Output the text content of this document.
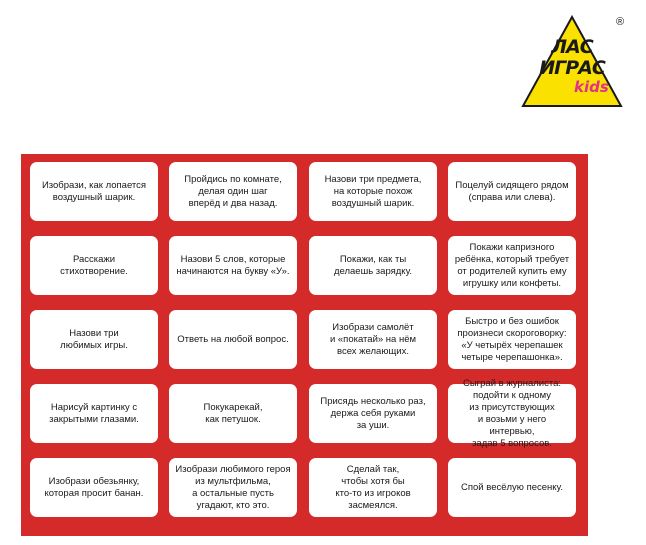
ЛАС
ИГРАС
kids
®
Изобрази, как лопается
воздушный шарик.
Пройдись по комнате,
делая один шаг
вперёд и два назад.
Назови три предмета,
на которые похож
воздушный шарик.
Поцелуй сидящего рядом
(справа или слева).
Расскажи
стихотворение.
Назови 5 слов, которые
начинаются на букву «У».
Покажи, как ты
делаешь зарядку.
Покажи капризного
ребёнка, который требует
от родителей купить ему
игрушку или конфеты.
Назови три
любимых игры.
Ответь на любой вопрос.
Изобрази самолёт
и «покатай» на нём
всех желающих.
Быстро и без ошибок
произнеси скороговорку:
«У четырёх черепашек
четыре черепашонка».
Нарисуй картинку с
закрытыми глазами.
Покукарекай,
как петушок.
Присядь несколько раз,
держа себя руками
за уши.
Сыграй в журналиста:
подойти к одному
из присутствующих
и возьми у него интервью,
задав 5 вопросов.
Изобрази обезьянку,
которая просит банан.
Изобрази любимого героя
из мультфильма,
а остальные пусть
угадают, кто это.
Сделай так,
чтобы хотя бы
кто-то из игроков
засмеялся.
Спой весёлую песенку.
